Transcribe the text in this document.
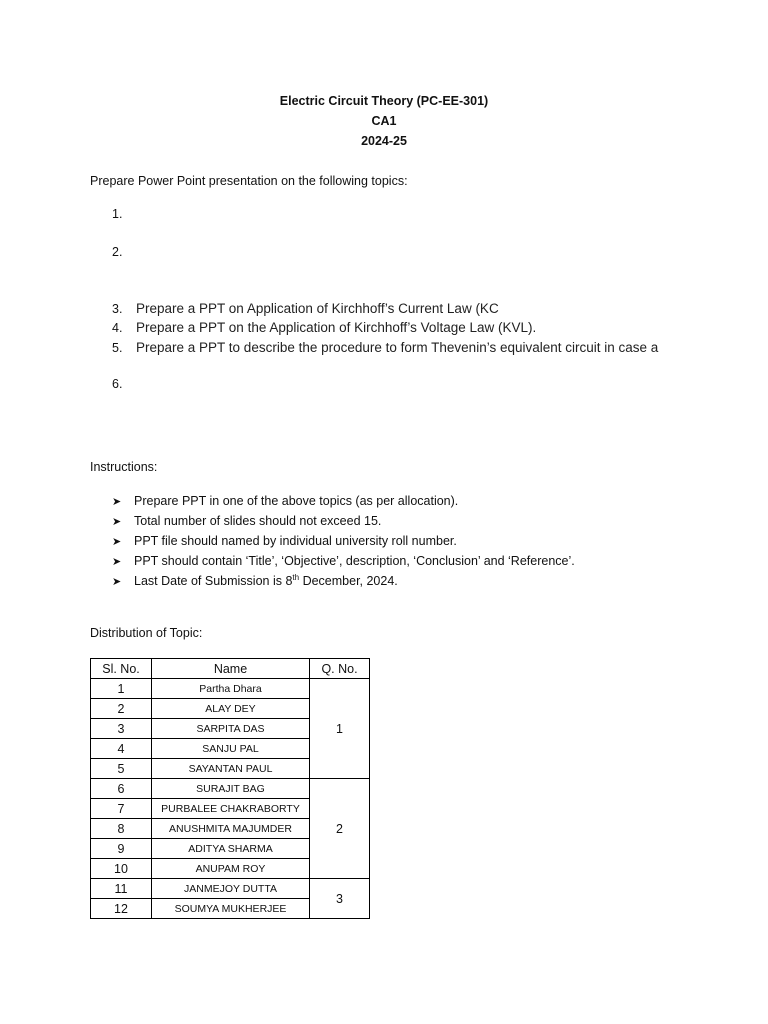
Electric Circuit Theory (PC-EE-301)
CA1
2024-25
Prepare Power Point presentation on the following topics:
1.
2.
3. Prepare a PPT on Application of Kirchhoff’s Current Law (KC
4. Prepare a PPT on the Application of Kirchhoff’s Voltage Law (KVL).
5. Prepare a PPT to describe the procedure to form Thevenin’s equivalent circuit in case a
6.
Instructions:
➤ Prepare PPT in one of the above topics (as per allocation).
➤ Total number of slides should not exceed 15.
➤ PPT file should named by individual university roll number.
➤ PPT should contain ‘Title’, ‘Objective’, description, ‘Conclusion’ and ‘Reference’.
➤ Last Date of Submission is 8th December, 2024.
Distribution of Topic:
Sl. No.	Name	Q. No.
1	Partha Dhara	1
2	ALAY DEY	
3	SARPITA DAS	
4	SANJU PAL	
5	SAYANTAN PAUL	
6	SURAJIT BAG	2
7	PURBALEE CHAKRABORTY	
8	ANUSHMITA MAJUMDER	
9	ADITYA SHARMA	
10	ANUPAM ROY	
11	JANMEJOY DUTTA	3
12	SOUMYA MUKHERJEE	
